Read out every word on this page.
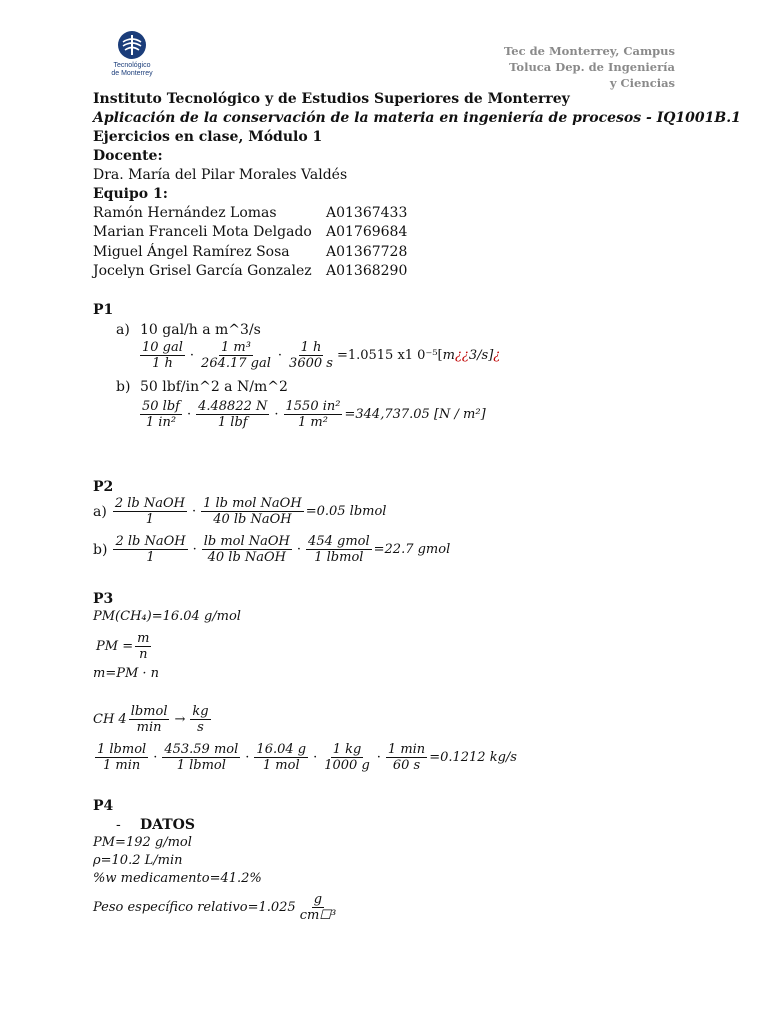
Tecnológico
de Monterrey
Tec de Monterrey, Campus
Toluca Dep. de Ingeniería
y Ciencias
Instituto Tecnológico y de Estudios Superiores de Monterrey
Aplicación de la conservación de la materia en ingeniería de procesos - IQ1001B.1
Ejercicios en clase, Módulo 1
Docente:
Dra. María del Pilar Morales Valdés
Equipo 1:
Ramón Hernández Lomas	A01367433
Marian Franceli Mota Delgado	A01769684
Miguel Ángel Ramírez Sosa	A01367728
Jocelyn Grisel García Gonzalez	A01368290
P1
a) 10 gal/h a m^3/s
$\frac{\text{10 gal}}{1 h} \cdot \frac{\text{1 m³}}{\text{264.17 gal}} \cdot \frac{1 h}{3600 s} =1.0515$ x1 0⁻⁵[ m ¿¿ 3/s] ¿
b) 50 lbf/in^2 a N/m^2
$\frac{\text{50 lbf}}{\text{1 in²}} \cdot \frac{4.48822 N}{\text{1 lbf}} \cdot \frac{\text{1550 in²}}{\text{1 m²}} =344,737.05$ [N / m²]
P2
$a) \frac{\text{2 lb NaOH}}{1} \cdot \frac{\text{1 lb mol NaOH}}{\text{40 lb NaOH}} =0.05$ lbmol
$b) \frac{\text{2 lb NaOH}}{1} \cdot \frac{\text{lb mol NaOH}}{\text{40 lb NaOH}} \cdot \frac{\text{454 gmol}}{\text{1 lbmol}} =22.7$ gmol
P3
PM(CH₄)=16.04 g/mol
PM = $\frac{m}{n}$
m=PM · n
CH $4 \frac{\text{lbmol}}{\min} \to \frac{kg}{s}$
$\frac{\text{1 lbmol}}{1 \min} \cdot \frac{\text{453.59 mol}}{\text{1 lbmol}} \cdot \frac{16.04 g}{\text{1 mol}} \cdot \frac{1 kg}{1000 g} \cdot \frac{1 \min}{60 s} =0.1212$ kg/s
P4
- DATOS
PM=192 g/mol
ρ=10.2 L/min
%w medicamento=41.2%
Peso específico relativo=1.025 $\frac{g}{\text{cm☐³}}$
